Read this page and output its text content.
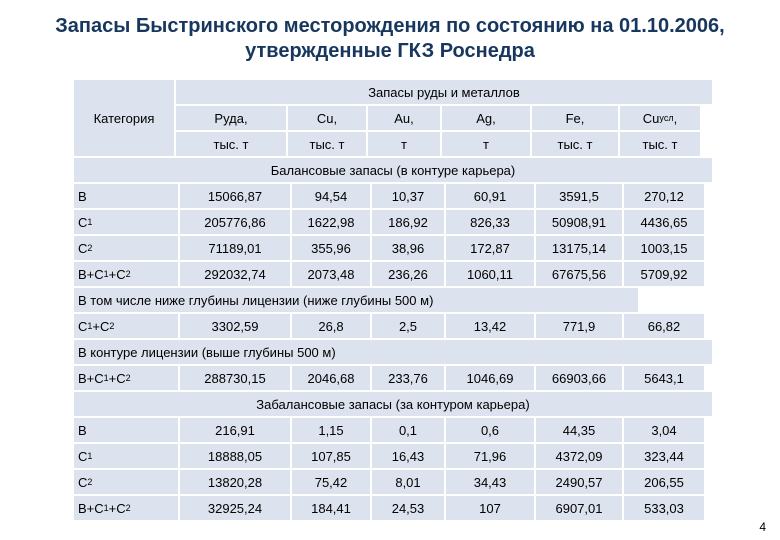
Запасы Быстринского месторождения по состоянию на 01.10.2006,
утвержденные ГКЗ Роснедра
Категория
Запасы руды и металлов
Руда,	Cu,	Au,	Ag,	Fe,	Cu усл ,
тыс. т	тыс. т	т	т	тыс. т	тыс. т
Балансовые запасы (в контуре карьера)
B	15066,87	94,54	10,37	60,91	3591,5	270,12
C 1	205776,86	1622,98	186,92	826,33	50908,91	4436,65
C 2	71189,01	355,96	38,96	172,87	13175,14	1003,15
B+C 1 +C 2	292032,74	2073,48	236,26	1060,11	67675,56	5709,92
В том числе ниже глубины лицензии (ниже глубины 500 м)
C 1 +C 2	3302,59	26,8	2,5	13,42	771,9	66,82
В контуре лицензии (выше глубины 500 м)
B+C 1 +C 2	288730,15	2046,68	233,76	1046,69	66903,66	5643,1
Забалансовые запасы (за контуром карьера)
B	216,91	1,15	0,1	0,6	44,35	3,04
C 1	18888,05	107,85	16,43	71,96	4372,09	323,44
C 2	13820,28	75,42	8,01	34,43	2490,57	206,55
B+C 1 +C 2	32925,24	184,41	24,53	107	6907,01	533,03
4
